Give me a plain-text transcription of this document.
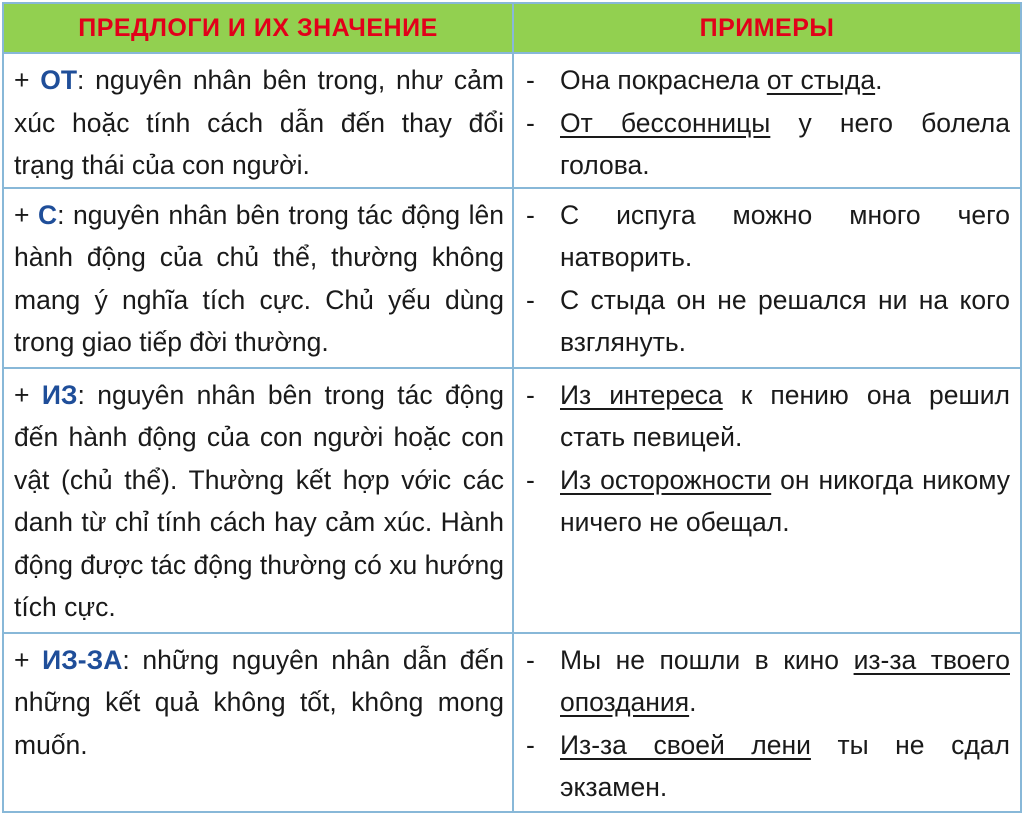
ПРЕДЛОГИ И ИХ ЗНАЧЕНИЕ	ПРИМЕРЫ
+ ОТ: nguyên nhân bên trong, như cảm xúc hoặc tính cách dẫn đến thay đổi trạng thái của con người.	- Она покраснела от стыда.
- От бессонницы у него болела голова.

+ С: nguyên nhân bên trong tác động lên hành động của chủ thể, thường không mang ý nghĩa tích cực. Chủ yếu dùng trong giao tiếp đời thường.	- С испуга можно много чего натворить.
- С стыда он не решался ни на кого взглянуть.

+ ИЗ: nguyên nhân bên trong tác động đến hành động của con người hoặc con vật (chủ thể). Thường kết hợp vớic các danh từ chỉ tính cách hay cảm xúc. Hành động được tác động thường có xu hướng tích cực.	- Из интереса к пению она решил стать певицей.
- Из осторожности он никогда никому ничего не обещал.

+ ИЗ-ЗА: những nguyên nhân dẫn đến những kết quả không tốt, không mong muốn.	- Мы не пошли в кино из-за твоего опоздания.
- Из-за своей лени ты не сдал экзамен.
